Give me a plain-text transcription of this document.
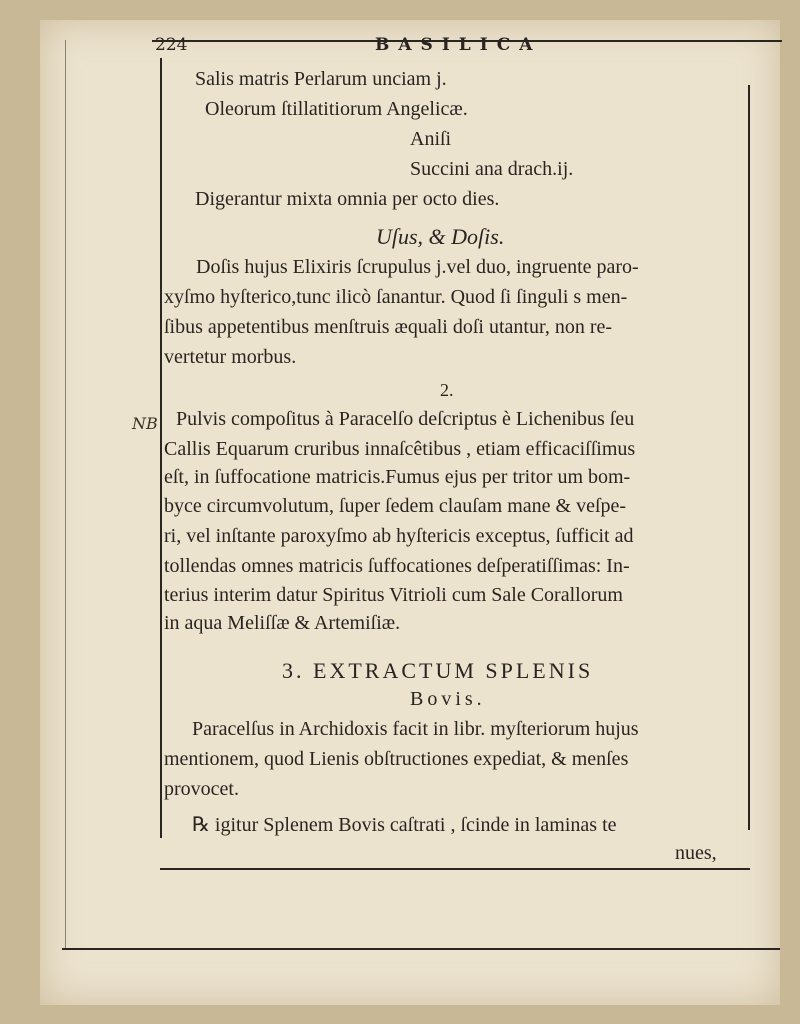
224	BASILICA
NB
Salis matris Perlarum unciam j.
Oleorum ſtillatitiorum Angelicæ.
Aniſi
Succini ana drach.ij.
Digerantur mixta omnia per octo dies.
Uſus, & Doſis.
Doſis hujus Elixiris ſcrupulus j.vel duo, ingruente paro-
xyſmo hyſterico,tunc ilicò ſanantur. Quod ſi ſinguli s men-
ſibus appetentibus menſtruis æquali doſi utantur, non re-
vertetur morbus.
2.
Pulvis compoſitus à Paracelſo deſcriptus è Lichenibus ſeu
Callis Equarum cruribus innaſcêtibus , etiam efficaciſſimus
eſt, in ſuffocatione matricis.Fumus ejus per tritor um bom-
byce circumvolutum, ſuper ſedem clauſam mane & veſpe-
ri, vel inſtante paroxyſmo ab hyſtericis exceptus, ſufficit ad
tollendas omnes matricis ſuffocationes deſperatiſſimas: In-
terius interim datur Spiritus Vitrioli cum Sale Corallorum
in aqua Meliſſæ & Artemiſiæ.
3. EXTRACTUM SPLENIS
Bovis.
Paracelſus in Archidoxis facit in libr. myſteriorum hujus
mentionem, quod Lienis obſtructiones expediat, & menſes
provocet.
℞ igitur Splenem Bovis caſtrati , ſcinde in laminas te
nues,
